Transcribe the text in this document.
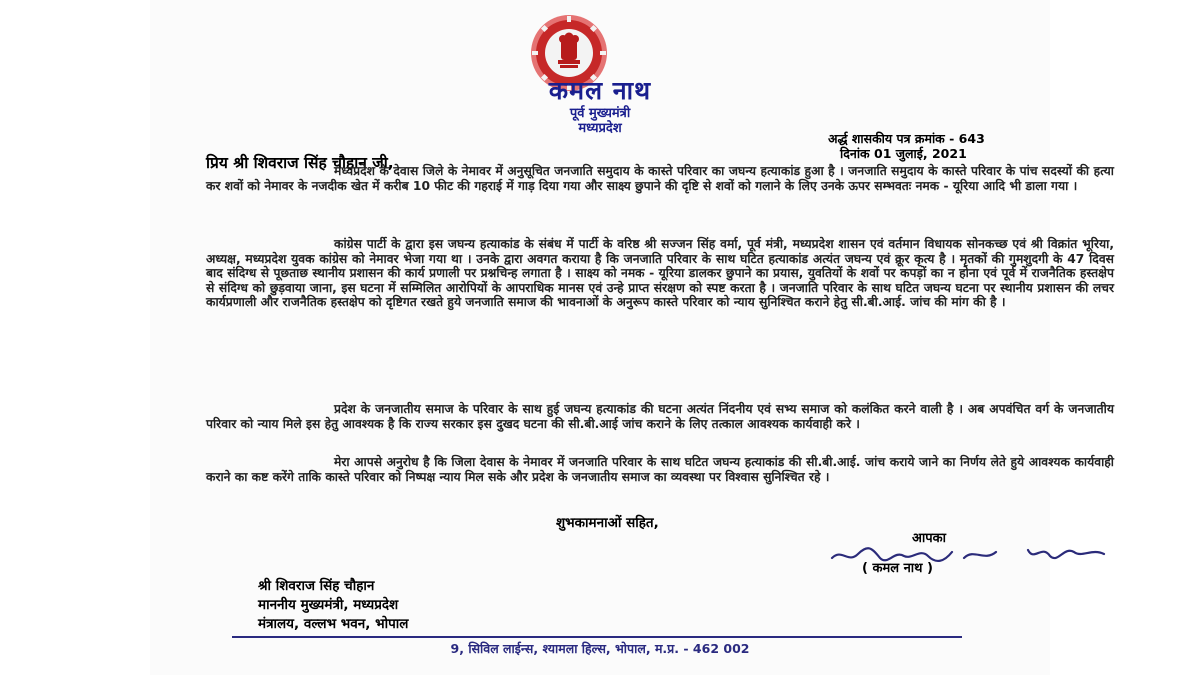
कमल नाथ
पूर्व मुख्यमंत्री
मध्यप्रदेश
अर्द्ध शासकीय पत्र क्रमांक - 643
दिनांक 01 जुलाई, 2021
प्रिय श्री शिवराज सिंह चौहान जी,

मध्यप्रदेश के देवास जिले के नेमावर में अनुसूचित जनजाति समुदाय के कास्ते परिवार का जघन्य हत्याकांड हुआ है । जनजाति समुदाय के कास्ते परिवार के पांच सदस्यों की हत्या कर शवों को नेमावर के नजदीक खेत में करीब 10 फीट की गहराई में गाड़ दिया गया और साक्ष्य छुपाने की दृष्टि से शवों को गलाने के लिए उनके ऊपर सम्भवतः नमक - यूरिया आदि भी डाला गया ।

कांग्रेस पार्टी के द्वारा इस जघन्य हत्याकांड के संबंध में पार्टी के वरिष्ठ श्री सज्जन सिंह वर्मा, पूर्व मंत्री, मध्यप्रदेश शासन एवं वर्तमान विधायक सोनकच्छ एवं श्री विक्रांत भूरिया, अध्यक्ष, मध्यप्रदेश युवक कांग्रेस को नेमावर भेजा गया था । उनके द्वारा अवगत कराया है कि जनजाति परिवार के साथ घटित हत्याकांड अत्यंत जघन्य एवं क्रूर कृत्य है । मृतकों की गुमशुदगी के 47 दिवस बाद संदिग्ध से पूछताछ स्थानीय प्रशासन की कार्य प्रणाली पर प्रश्नचिन्ह लगाता है । साक्ष्य को नमक - यूरिया डालकर छुपाने का प्रयास, युवतियों के शवों पर कपड़ों का न होना एवं पूर्व में राजनैतिक हस्तक्षेप से संदिग्ध को छुड़वाया जाना, इस घटना में सम्मिलित आरोपियों के आपराधिक मानस एवं उन्हे प्राप्त संरक्षण को स्पष्ट करता है । जनजाति परिवार के साथ घटित जघन्य घटना पर स्थानीय प्रशासन की लचर कार्यप्रणाली और राजनैतिक हस्तक्षेप को दृष्टिगत रखते हुये जनजाति समाज की भावनाओं के अनुरूप कास्ते परिवार को न्याय सुनिश्चित कराने हेतु सी.बी.आई. जांच की मांग की है ।

प्रदेश के जनजातीय समाज के परिवार के साथ हुई जघन्य हत्याकांड की घटना अत्यंत निंदनीय एवं सभ्य समाज को कलंकित करने वाली है । अब अपवंचित वर्ग के जनजातीय परिवार को न्याय मिले इस हेतु आवश्यक है कि राज्य सरकार इस दुखद घटना की सी.बी.आई जांच कराने के लिए तत्काल आवश्यक कार्यवाही करे ।

मेरा आपसे अनुरोध है कि जिला देवास के नेमावर में जनजाति परिवार के साथ घटित जघन्य हत्याकांड की सी.बी.आई. जांच कराये जाने का निर्णय लेते हुये आवश्यक कार्यवाही कराने का कष्ट करेंगे ताकि कास्ते परिवार को निष्पक्ष न्याय मिल सके और प्रदेश के जनजातीय समाज का व्यवस्था पर विश्वास सुनिश्चित रहे ।

शुभकामनाओं सहित,
आपका
( कमल नाथ )
श्री शिवराज सिंह चौहान
माननीय मुख्यमंत्री, मध्यप्रदेश
मंत्रालय, वल्लभ भवन, भोपाल
9, सिविल लाईन्स, श्यामला हिल्स, भोपाल, म.प्र. - 462 002
